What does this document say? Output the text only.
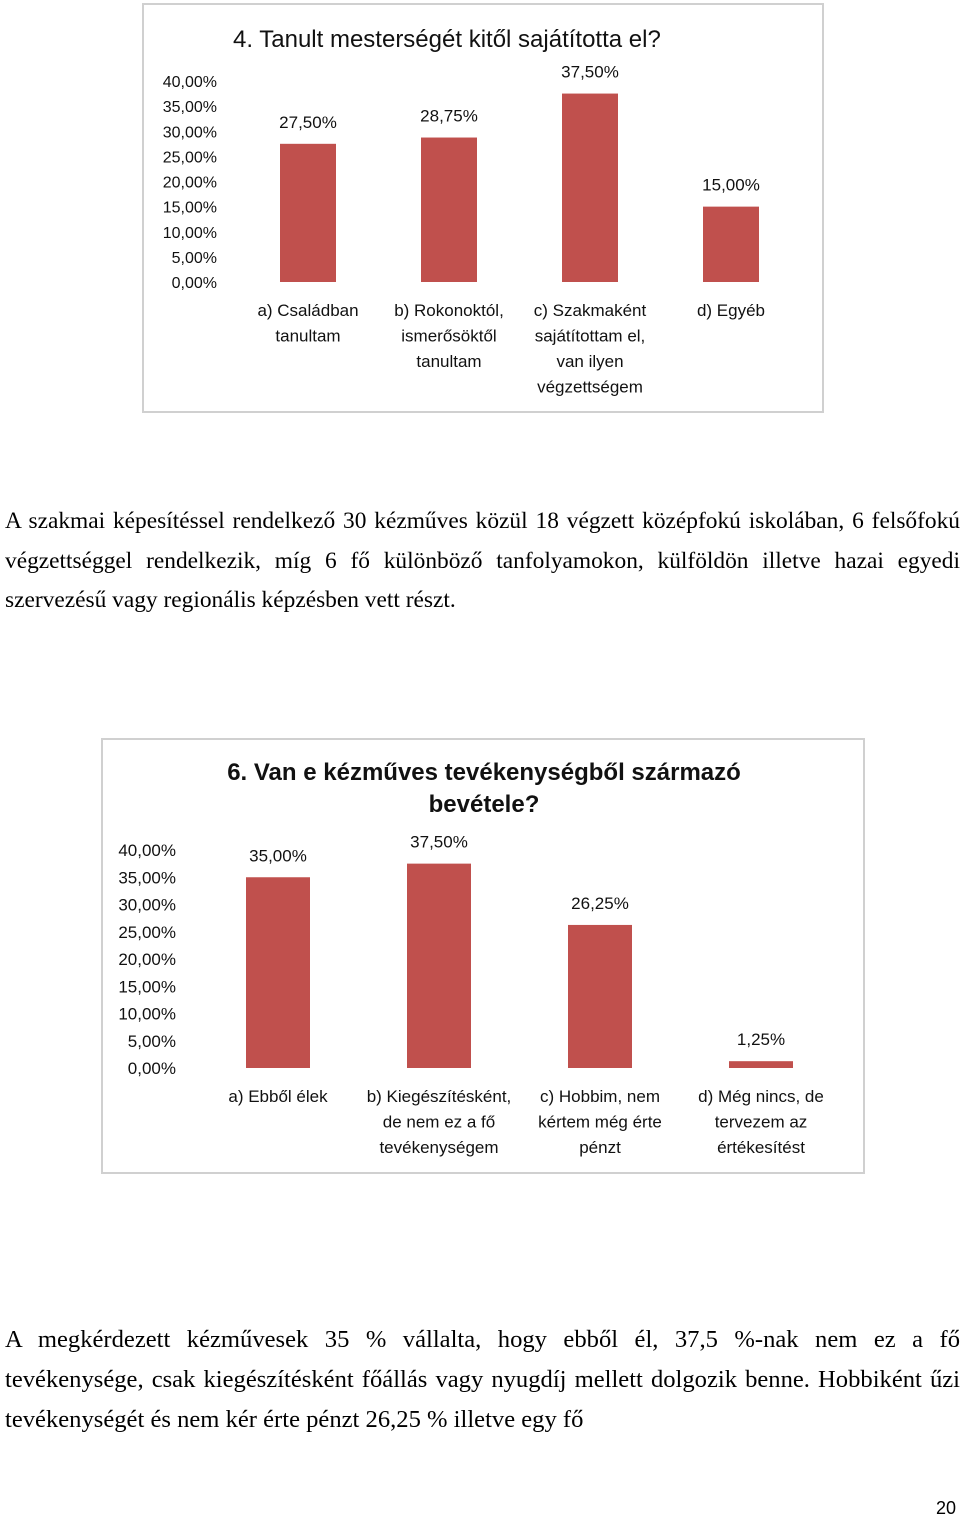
0,00%
5,00%
10,00%
15,00%
20,00%
25,00%
30,00%
35,00%
40,00%
4. Tanult mesterségét kitől sajátította el?
27,50%
a) Családban
tanultam
28,75%
b) Rokonoktól,
ismerősöktől
tanultam
37,50%
c) Szakmaként
sajátítottam el,
van ilyen
végzettségem
15,00%
d) Egyéb
0,00%
5,00%
10,00%
15,00%
20,00%
25,00%
30,00%
35,00%
40,00%
6. Van e kézműves tevékenységből származó
bevétele?
35,00%
a) Ebből élek
37,50%
b) Kiegészítésként,
de nem ez a fő
tevékenységem
26,25%
c) Hobbim, nem
kértem még érte
pénzt
1,25%
d) Még nincs, de
tervezem az
értékesítést

A szakmai képesítéssel rendelkező 30 kézműves közül 18 végzett középfokú iskolában, 6 felsőfokú végzettséggel rendelkezik, míg 6 fő különböző tanfolyamokon, külföldön illetve hazai egyedi szervezésű vagy regionális képzésben vett részt.

A megkérdezett kézművesek 35 % vállalta, hogy ebből él, 37,5 %-nak nem ez a fő tevékenysége, csak kiegészítésként főállás vagy nyugdíj mellett dolgozik benne. Hobbiként űzi tevékenységét és nem kér érte pénzt 26,25 % illetve egy fő

20
